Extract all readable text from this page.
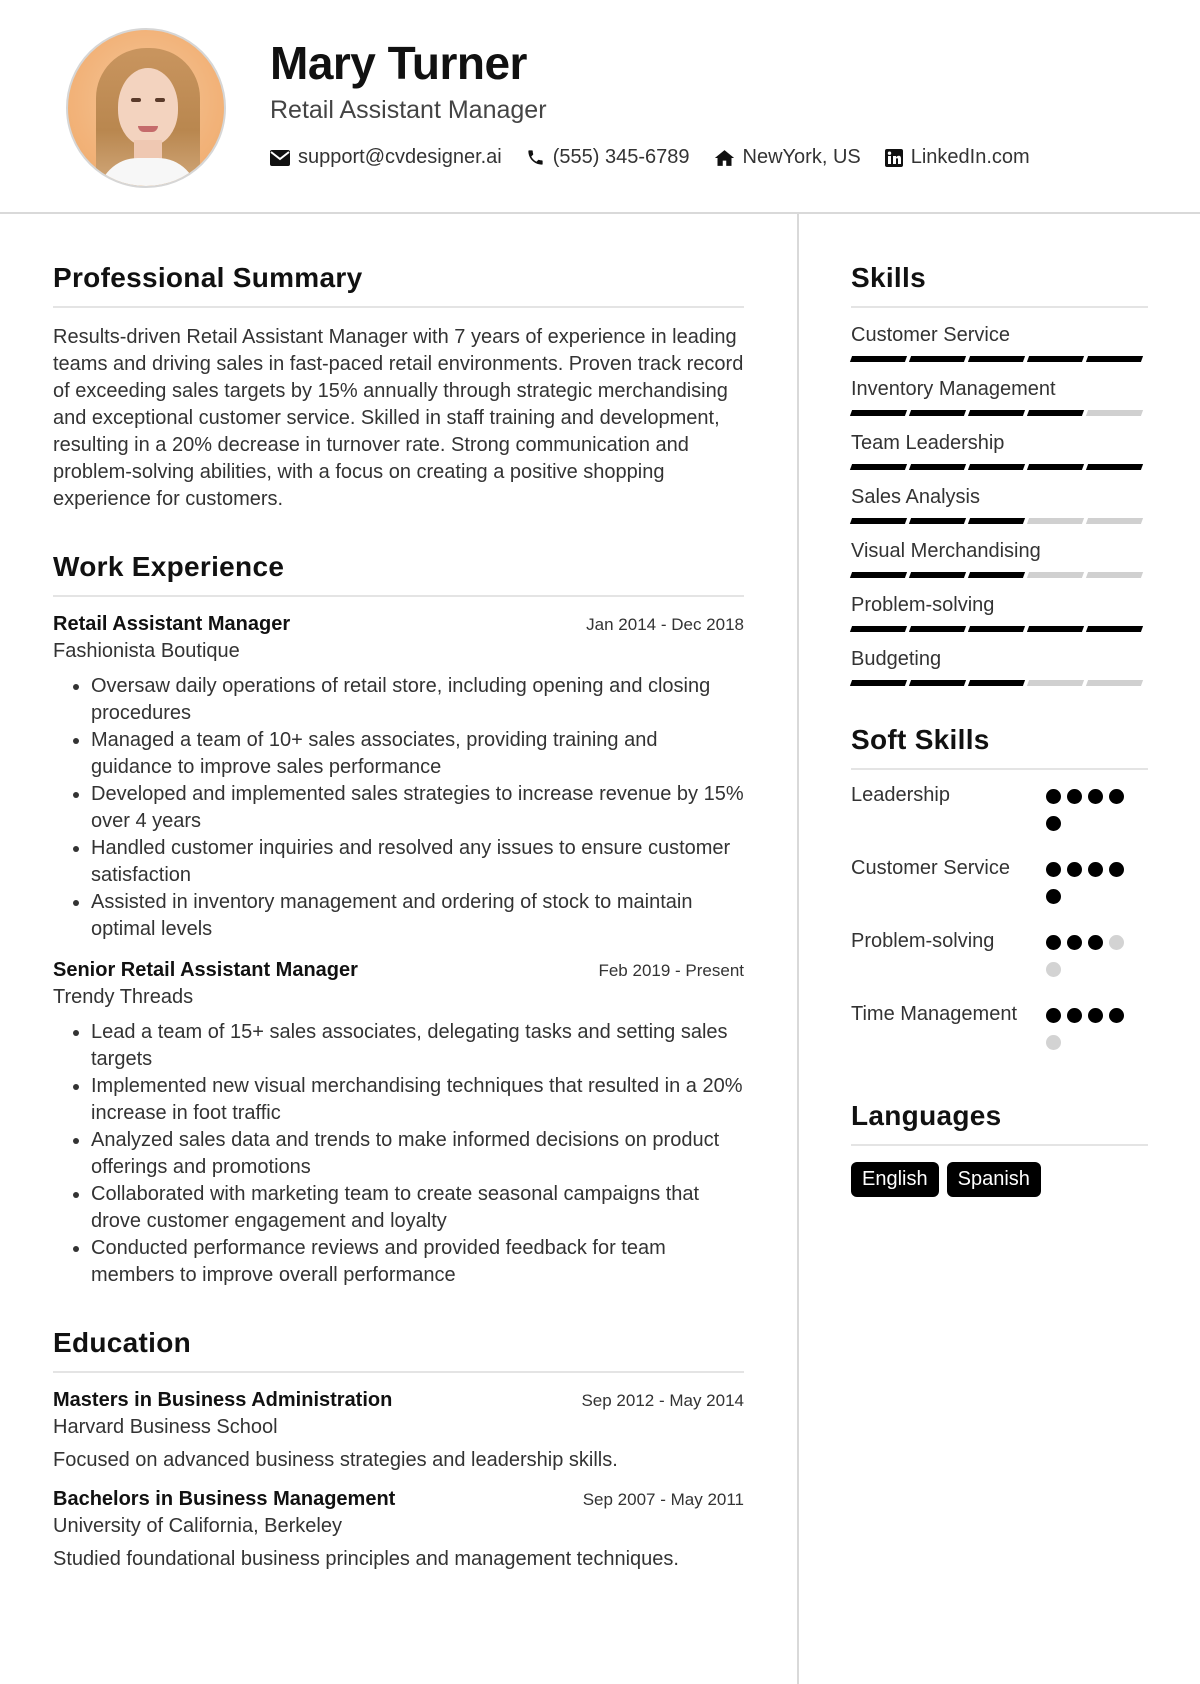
Mary Turner
Retail Assistant Manager
support@cvdesigner.ai	(555) 345-6789	NewYork, US	LinkedIn.com
Professional Summary

Results-driven Retail Assistant Manager with 7 years of experience in leading teams and driving sales in fast-paced retail environments. Proven track record of exceeding sales targets by 15% annually through strategic merchandising and exceptional customer service. Skilled in staff training and development, resulting in a 20% decrease in turnover rate. Strong communication and problem-solving abilities, with a focus on creating a positive shopping experience for customers.

Work Experience
Retail Assistant Manager	Jan 2014 - Dec 2018
Fashionista Boutique
• Oversaw daily operations of retail store, including opening and closing procedures
• Managed a team of 10+ sales associates, providing training and guidance to improve sales performance
• Developed and implemented sales strategies to increase revenue by 15% over 4 years
• Handled customer inquiries and resolved any issues to ensure customer satisfaction
• Assisted in inventory management and ordering of stock to maintain optimal levels
Senior Retail Assistant Manager	Feb 2019 - Present
Trendy Threads
• Lead a team of 15+ sales associates, delegating tasks and setting sales targets
• Implemented new visual merchandising techniques that resulted in a 20% increase in foot traffic
• Analyzed sales data and trends to make informed decisions on product offerings and promotions
• Collaborated with marketing team to create seasonal campaigns that drove customer engagement and loyalty
• Conducted performance reviews and provided feedback for team members to improve overall performance
Education
Masters in Business Administration	Sep 2012 - May 2014
Harvard Business School
Focused on advanced business strategies and leadership skills.
Bachelors in Business Management	Sep 2007 - May 2011
University of California, Berkeley
Studied foundational business principles and management techniques.
Skills
Customer Service
Inventory Management
Team Leadership
Sales Analysis
Visual Merchandising
Problem-solving
Budgeting
Soft Skills
Leadership
Customer Service
Problem-solving
Time Management
Languages
English	Spanish
